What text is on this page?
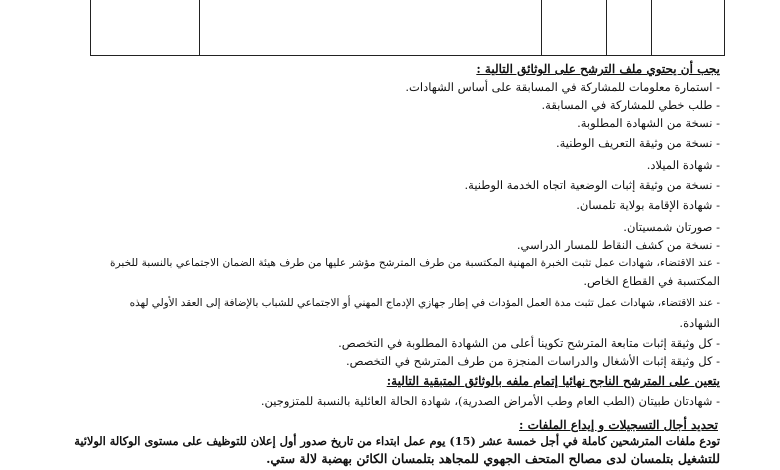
يجب أن يحتوي ملف الترشح على الوثائق التالية :
- استمارة معلومات للمشاركة في المسابقة على أساس الشهادات.
- طلب خطي للمشاركة في المسابقة.
- نسخة من الشهادة المطلوبة.
- نسخة من وثيقة التعريف الوطنية.
- شهادة الميلاد.
- نسخة من وثيقة إثبات الوضعية اتجاه الخدمة الوطنية.
- شهادة الإقامة بولاية تلمسان.
- صورتان شمسيتان.
- نسخة من كشف النقاط للمسار الدراسي.
- عند الاقتضاء، شهادات عمل تثبت الخبرة المهنية المكتسبة من طرف المترشح مؤشر عليها من طرف هيئة الضمان الاجتماعي بالنسبة للخبرة
المكتسبة في القطاع الخاص.
- عند الاقتضاء، شهادات عمل تثبت مدة العمل المؤدات في إطار جهازي الإدماج المهني أو الاجتماعي للشباب بالإضافة إلى العقد الأولي لهذه
الشهادة.
- كل وثيقة إثبات متابعة المترشح تكوينا أعلى من الشهادة المطلوبة في التخصص.
- كل وثيقة إثبات الأشغال والدراسات المنجزة من طرف المترشح في التخصص.
يتعين على المترشح الناجح نهائيا إتمام ملفه بالوثائق المتبقية التالية:
- شهادتان طبيتان (الطب العام وطب الأمراض الصدرية)، شهادة الحالة العائلية بالنسبة للمتزوجين.
تحديد أجال التسجيلات و إيداع الملفات :
تودع ملفات المترشحين كاملة في أجل خمسة عشر (15) يوم عمل ابتداء من تاريخ صدور أول إعلان للتوظيف على مستوى الوكالة الولائية
للتشغيل بتلمسان لدى مصالح المتحف الجهوي للمجاهد بتلمسان الكائن بهضبة لالة ستي.
